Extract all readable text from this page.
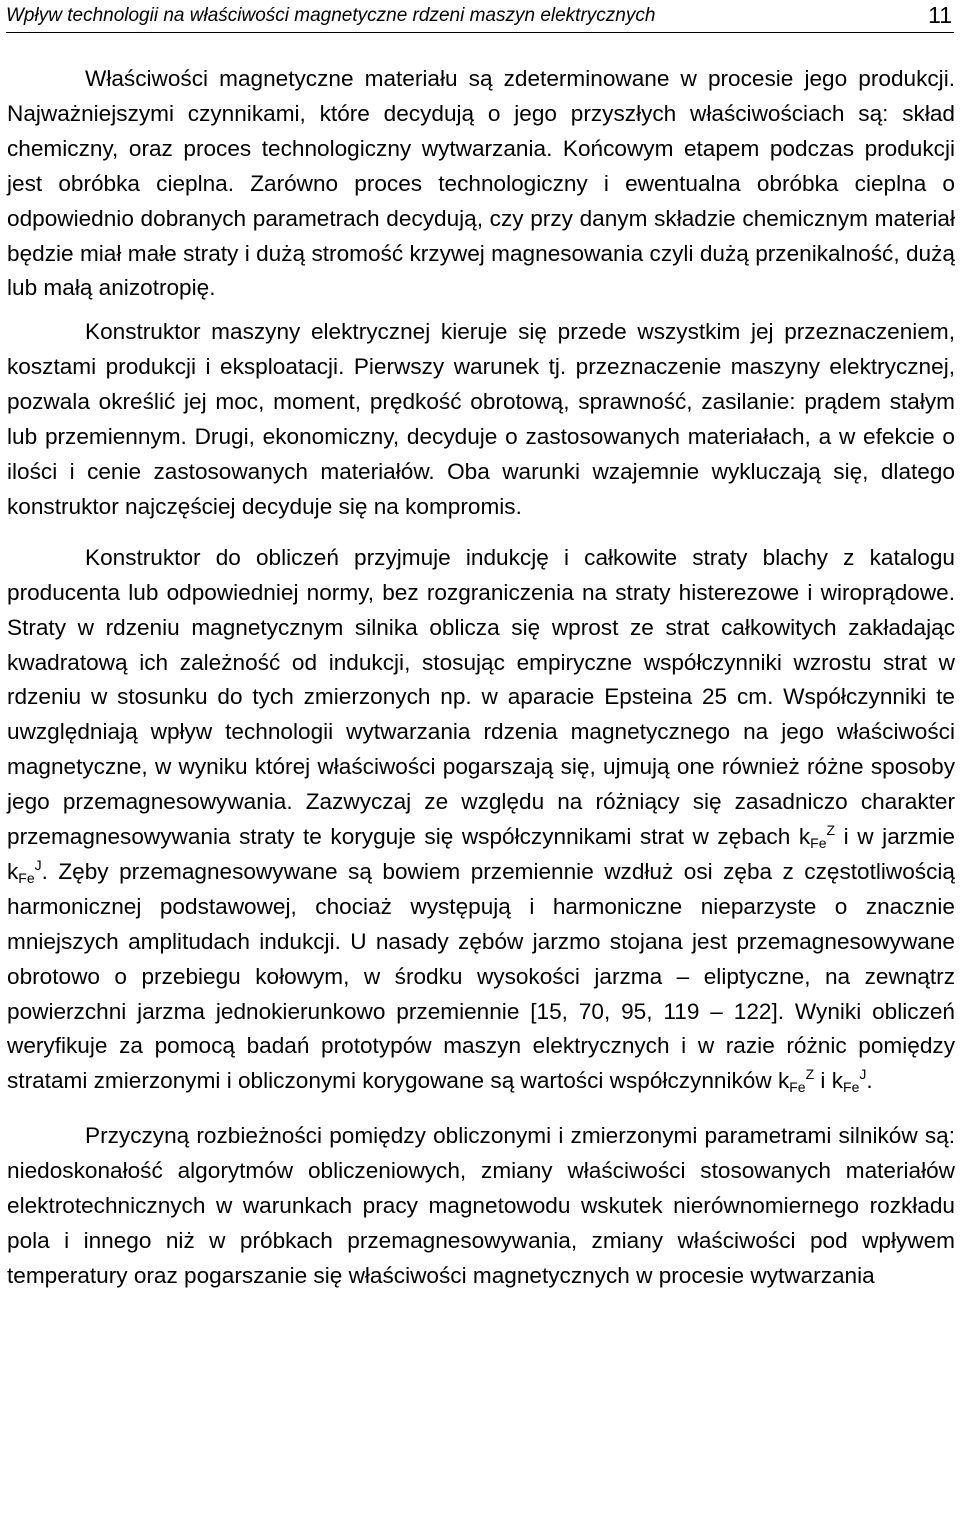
Wpływ technologii na właściwości magnetyczne rdzeni maszyn elektrycznych	11

Właściwości magnetyczne materiału są zdeterminowane w procesie jego produkcji. Najważniejszymi czynnikami, które decydują o jego przyszłych właściwościach są: skład chemiczny, oraz proces technologiczny wytwarzania. Końcowym etapem podczas produkcji jest obróbka cieplna. Zarówno proces technologiczny i ewentualna obróbka cieplna o odpowiednio dobranych parametrach decydują, czy przy danym składzie chemicznym materiał będzie miał małe straty i dużą stromość krzywej magnesowania czyli dużą przenikalność, dużą lub małą anizotropię.

Konstruktor maszyny elektrycznej kieruje się przede wszystkim jej przeznaczeniem, kosztami produkcji i eksploatacji. Pierwszy warunek tj. przeznaczenie maszyny elektrycznej, pozwala określić jej moc, moment, prędkość obrotową, sprawność, zasilanie: prądem stałym lub przemiennym. Drugi, ekonomiczny, decyduje o zastosowanych materiałach, a w efekcie o ilości i cenie zastosowanych materiałów. Oba warunki wzajemnie wykluczają się, dlatego konstruktor najczęściej decyduje się na kompromis.

Konstruktor do obliczeń przyjmuje indukcję i całkowite straty blachy z katalogu producenta lub odpowiedniej normy, bez rozgraniczenia na straty histerezowe i wiroprądowe. Straty w rdzeniu magnetycznym silnika oblicza się wprost ze strat całkowitych zakładając kwadratową ich zależność od indukcji, stosując empiryczne współczynniki wzrostu strat w rdzeniu w stosunku do tych zmierzonych np. w aparacie Epsteina 25 cm. Współczynniki te uwzględniają wpływ technologii wytwarzania rdzenia magnetycznego na jego właściwości magnetyczne, w wyniku której właściwości pogarszają się, ujmują one również różne sposoby jego przemagnesowywania. Zazwyczaj ze względu na różniący się zasadniczo charakter przemagnesowywania straty te koryguje się współczynnikami strat w zębach $k_{Fe}^Z$ i w jarzmie $k_{Fe}^J$. Zęby przemagnesowywane są bowiem przemiennie wzdłuż osi zęba z częstotliwością harmonicznej podstawowej, chociaż występują i harmoniczne nieparzyste o znacznie mniejszych amplitudach indukcji. U nasady zębów jarzmo stojana jest przemagnesowywane obrotowo o przebiegu kołowym, w środku wysokości jarzma – eliptyczne, na zewnątrz powierzchni jarzma jednokierunkowo przemiennie [15, 70, 95, 119 – 122]. Wyniki obliczeń weryfikuje za pomocą badań prototypów maszyn elektrycznych i w razie różnic pomiędzy stratami zmierzonymi i obliczonymi korygowane są wartości współczynników $k_{Fe}^Z$ i $k_{Fe}^J$.

Przyczyną rozbieżności pomiędzy obliczonymi i zmierzonymi parametrami silników są: niedoskonałość algorytmów obliczeniowych, zmiany właściwości stosowanych materiałów elektrotechnicznych w warunkach pracy magnetowodu wskutek nierównomiernego rozkładu pola i innego niż w próbkach przemagnesowywania, zmiany właściwości pod wpływem temperatury oraz pogarszanie się właściwości magnetycznych w procesie wytwarzania
